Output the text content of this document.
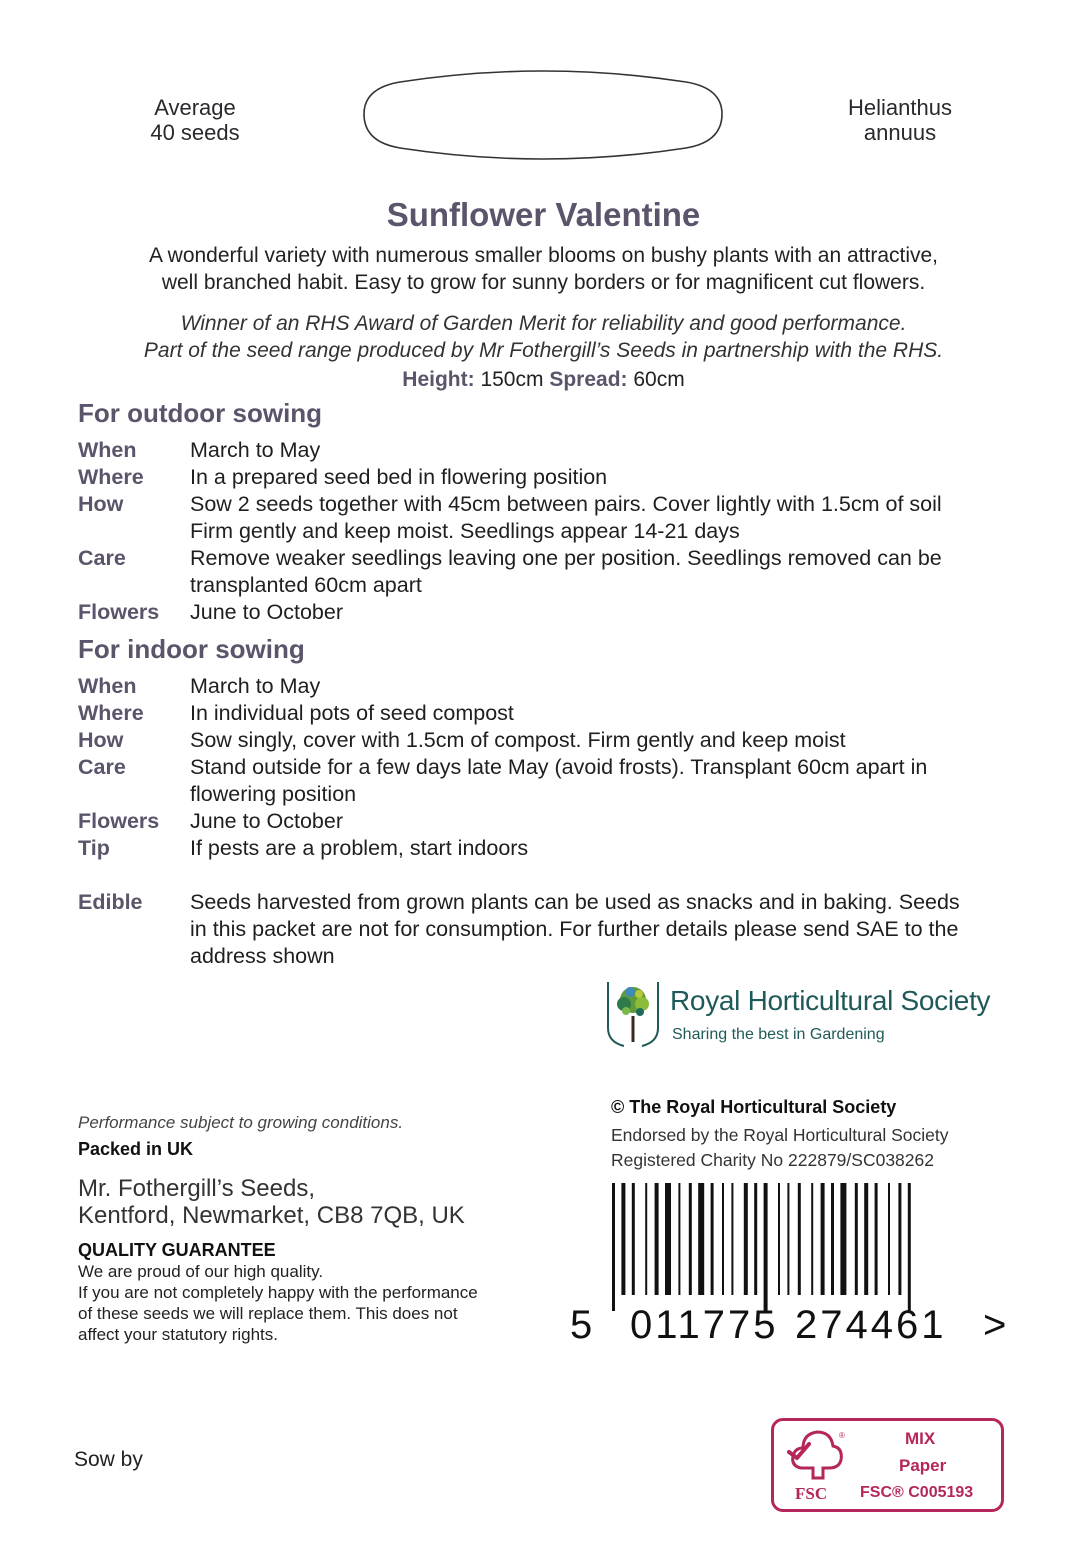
Average
40 seeds
Helianthus
annuus
Sunflower Valentine
A wonderful variety with numerous smaller blooms on bushy plants with an attractive,
well branched habit. Easy to grow for sunny borders or for magnificent cut flowers.
Winner of an RHS Award of Garden Merit for reliability and good performance.
Part of the seed range produced by Mr Fothergill’s Seeds in partnership with the RHS.
Height: 150cm Spread: 60cm
For outdoor sowing
When	March to May
Where	In a prepared seed bed in flowering position
How	Sow 2 seeds together with 45cm between pairs. Cover lightly with 1.5cm of soil
Firm gently and keep moist. Seedlings appear 14-21 days
Care	Remove weaker seedlings leaving one per position. Seedlings removed can be
transplanted 60cm apart
Flowers	June to October
For indoor sowing
When	March to May
Where	In individual pots of seed compost
How	Sow singly, cover with 1.5cm of compost. Firm gently and keep moist
Care	Stand outside for a few days late May (avoid frosts). Transplant 60cm apart in
flowering position
Flowers	June to October
Tip	If pests are a problem, start indoors
Edible	Seeds harvested from grown plants can be used as snacks and in baking. Seeds
in this packet are not for consumption. For further details please send SAE to the
address shown
Royal Horticultural Society
Sharing the best in Gardening
Performance subject to growing conditions.
Packed in UK
Mr. Fothergill’s Seeds,
Kentford, Newmarket, CB8 7QB, UK
QUALITY GUARANTEE
We are proud of our high quality.
If you are not completely happy with the performance
of these seeds we will replace them. This does not
affect your statutory rights.
Sow by
© The Royal Horticultural Society
Endorsed by the Royal Horticultural Society
Registered Charity No 222879/SC038262
5 011775 274461 >
®
FSC
MIX
Paper
FSC® C005193
